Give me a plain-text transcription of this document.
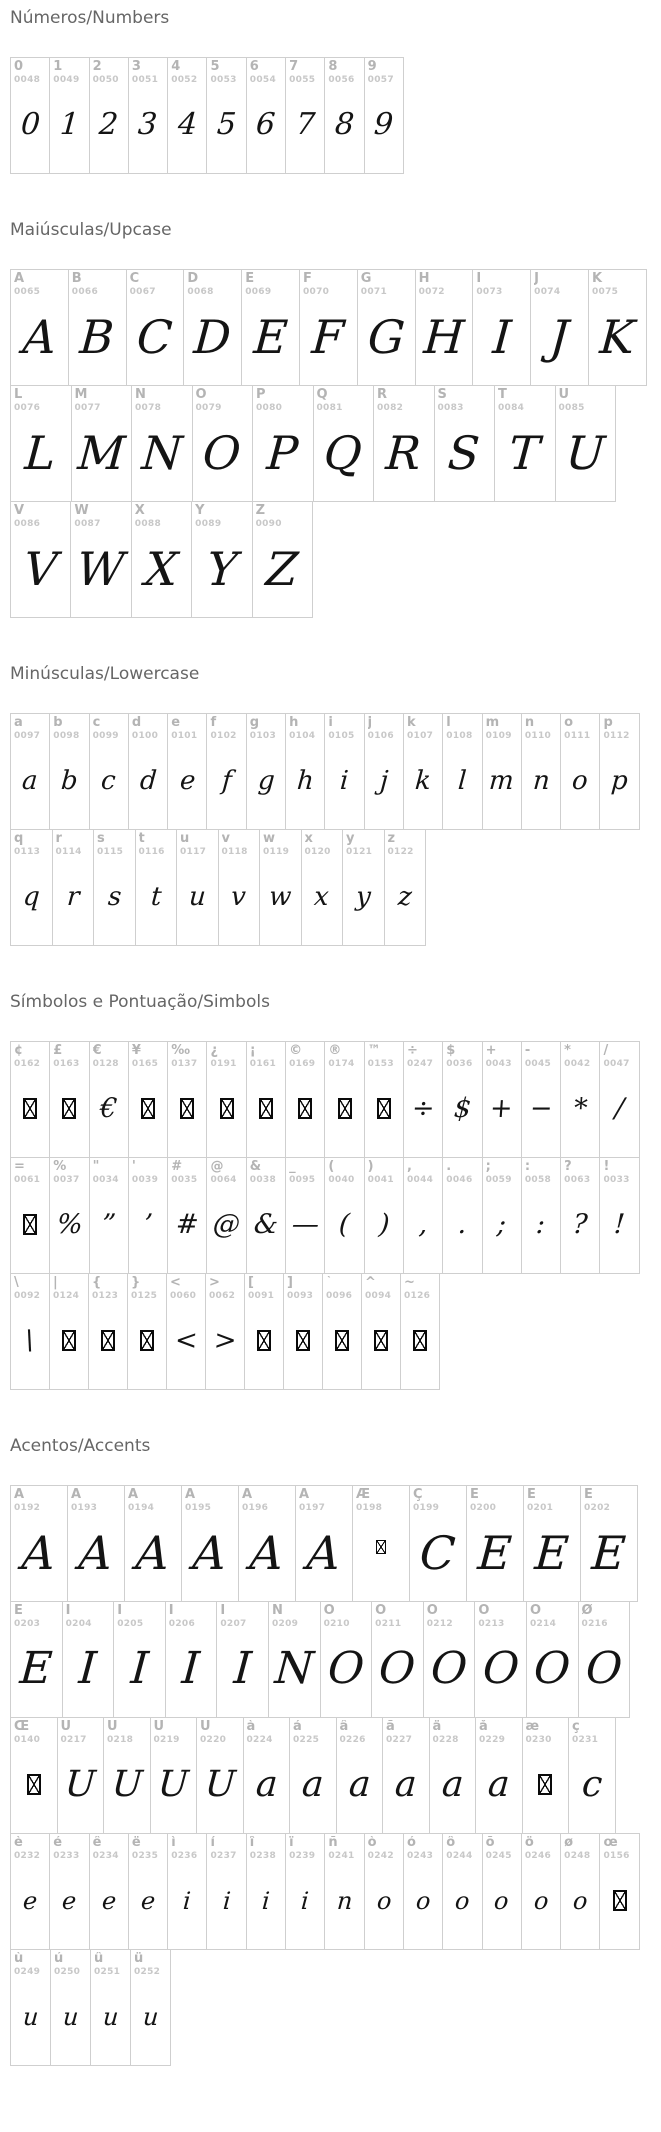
Números/Numbers
0
0048
0
1
0049
1
2
0050
2
3
0051
3
4
0052
4
5
0053
5
6
0054
6
7
0055
7
8
0056
8
9
0057
9
Maiúsculas/Upcase
A
0065
A
B
0066
B
C
0067
C
D
0068
D
E
0069
E
F
0070
F
G
0071
G
H
0072
H
I
0073
I
J
0074
J
K
0075
K
L
0076
L
M
0077
M
N
0078
N
O
0079
O
P
0080
P
Q
0081
Q
R
0082
R
S
0083
S
T
0084
T
U
0085
U
V
0086
V
W
0087
W
X
0088
X
Y
0089
Y
Z
0090
Z
Minúsculas/Lowercase
a
0097
a
b
0098
b
c
0099
c
d
0100
d
e
0101
e
f
0102
f
g
0103
g
h
0104
h
i
0105
i
j
0106
j
k
0107
k
l
0108
l
m
0109
m
n
0110
n
o
0111
o
p
0112
p
q
0113
q
r
0114
r
s
0115
s
t
0116
t
u
0117
u
v
0118
v
w
0119
w
x
0120
x
y
0121
y
z
0122
z
Símbolos e Pontuação/Simbols
¢
0162
£
0163
€
0128
€
¥
0165
‰
0137
¿
0191
¡
0161
©
0169
®
0174
™
0153
÷
0247
÷
$
0036
$
+
0043
+
-
0045
−
*
0042
*
/
0047
/
=
0061
%
0037
%
"
0034
”
'
0039
’
#
0035
#
@
0064
@
&
0038
&
_
0095
—
(
0040
(
)
0041
)
,
0044
,
.
0046
.
;
0059
;
:
0058
:
?
0063
?
!
0033
!
\
0092
\
|
0124
{
0123
}
0125
<
0060
<
>
0062
>
[
0091
]
0093
`
0096
^
0094
~
0126
Acentos/Accents
À
0192
A
Á
0193
A
Â
0194
A
Ã
0195
A
Ä
0196
A
Å
0197
A
Æ
0198
Ç
0199
C
È
0200
E
É
0201
E
Ê
0202
E
Ë
0203
E
Ì
0204
I
Í
0205
I
Î
0206
I
Ï
0207
I
Ñ
0209
N
Ò
0210
O
Ó
0211
O
Ô
0212
O
Õ
0213
O
Ö
0214
O
Ø
0216
O
Œ
0140
Ù
0217
U
Ú
0218
U
Û
0219
U
Ü
0220
U
à
0224
a
á
0225
a
â
0226
a
ã
0227
a
ä
0228
a
å
0229
a
æ
0230
ç
0231
c
è
0232
e
é
0233
e
ê
0234
e
ë
0235
e
ì
0236
i
í
0237
i
î
0238
i
ï
0239
i
ñ
0241
n
ò
0242
o
ó
0243
o
ô
0244
o
õ
0245
o
ö
0246
o
ø
0248
o
œ
0156
ù
0249
u
ú
0250
u
û
0251
u
ü
0252
u
